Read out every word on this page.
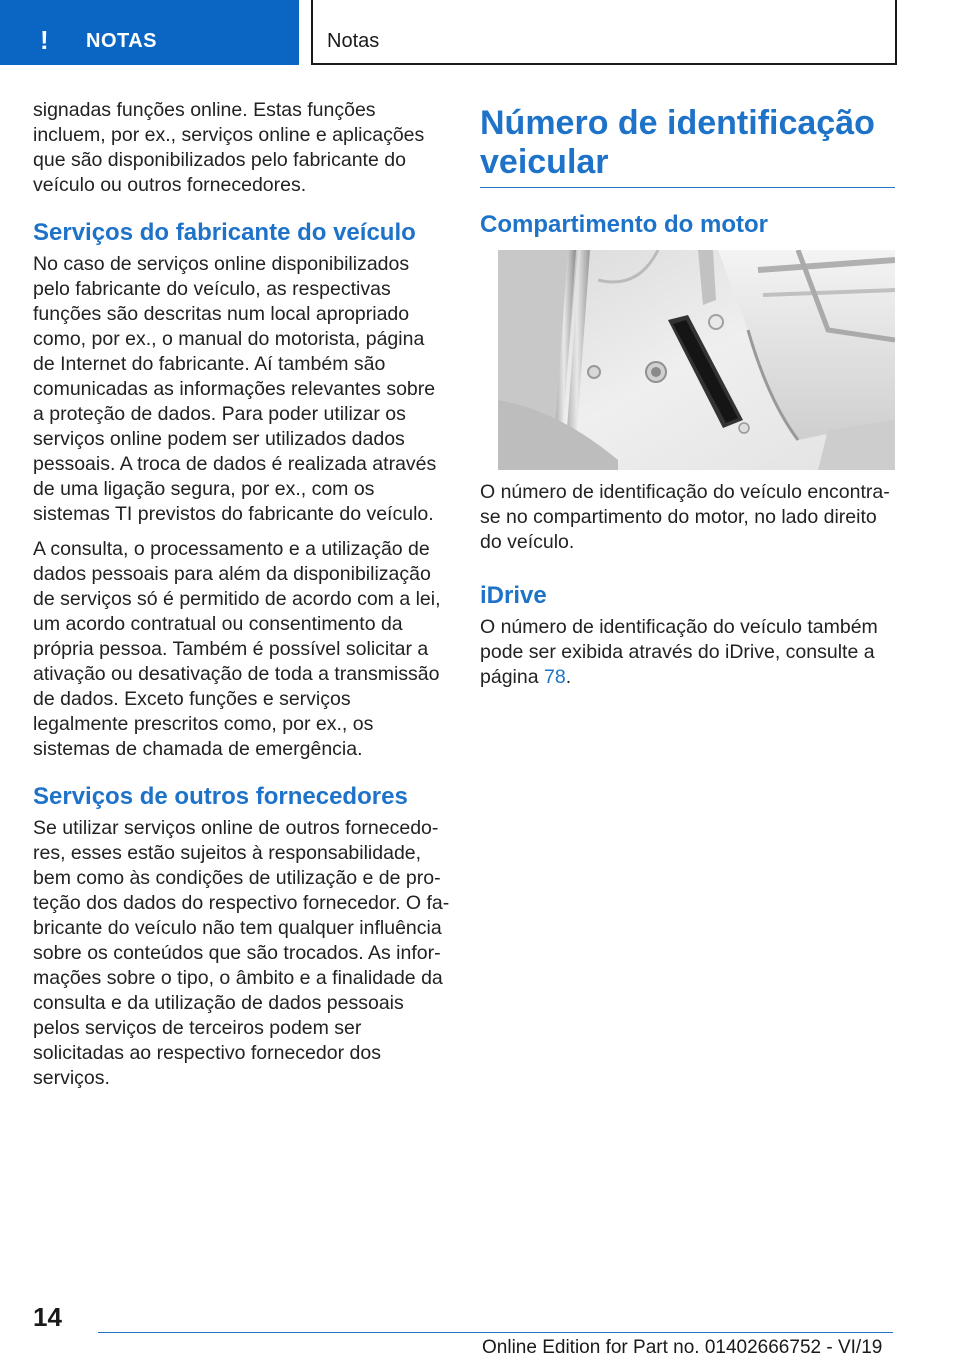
! NOTAS	Notas

signadas funções online. Estas funções incluem, por ex., serviços online e aplicações que são disponibilizados pelo fabricante do veículo ou outros fornecedores.

Serviços do fabricante do veículo

No caso de serviços online disponibilizados pelo fabricante do veículo, as respectivas funções são descritas num local apropriado como, por ex., o manual do motorista, página de Internet do fabricante. Aí também são comunicadas as informações relevantes sobre a proteção de dados. Para poder utilizar os serviços online podem ser utilizados dados pessoais. A troca de dados é realizada através de uma ligação segura, por ex., com os sistemas TI previstos do fabricante do veículo.

A consulta, o processamento e a utilização de dados pessoais para além da disponibilização de serviços só é permitido de acordo com a lei, um acordo contratual ou consentimento da própria pessoa. Também é possível solicitar a ativação ou desativação de toda a transmissão de dados. Exceto funções e serviços legalmente prescritos como, por ex., os sistemas de chamada de emergência.

Serviços de outros fornecedores

Se utilizar serviços online de outros fornecedores, esses estão sujeitos à responsabilidade, bem como às condições de utilização e de proteção dos dados do respectivo fornecedor. O fabricante do veículo não tem qualquer influência sobre os conteúdos que são trocados. As informações sobre o tipo, o âmbito e a finalidade da consulta e da utilização de dados pessoais pelos serviços de terceiros podem ser solicitadas ao respectivo fornecedor dos serviços.

Número de identificação veicular
Compartimento do motor

O número de identificação do veículo encontra-se no compartimento do motor, no lado direito do veículo.

iDrive

O número de identificação do veículo também pode ser exibida através do iDrive, consulte a página 78.

14
Online Edition for Part no. 01402666752 - VI/19
